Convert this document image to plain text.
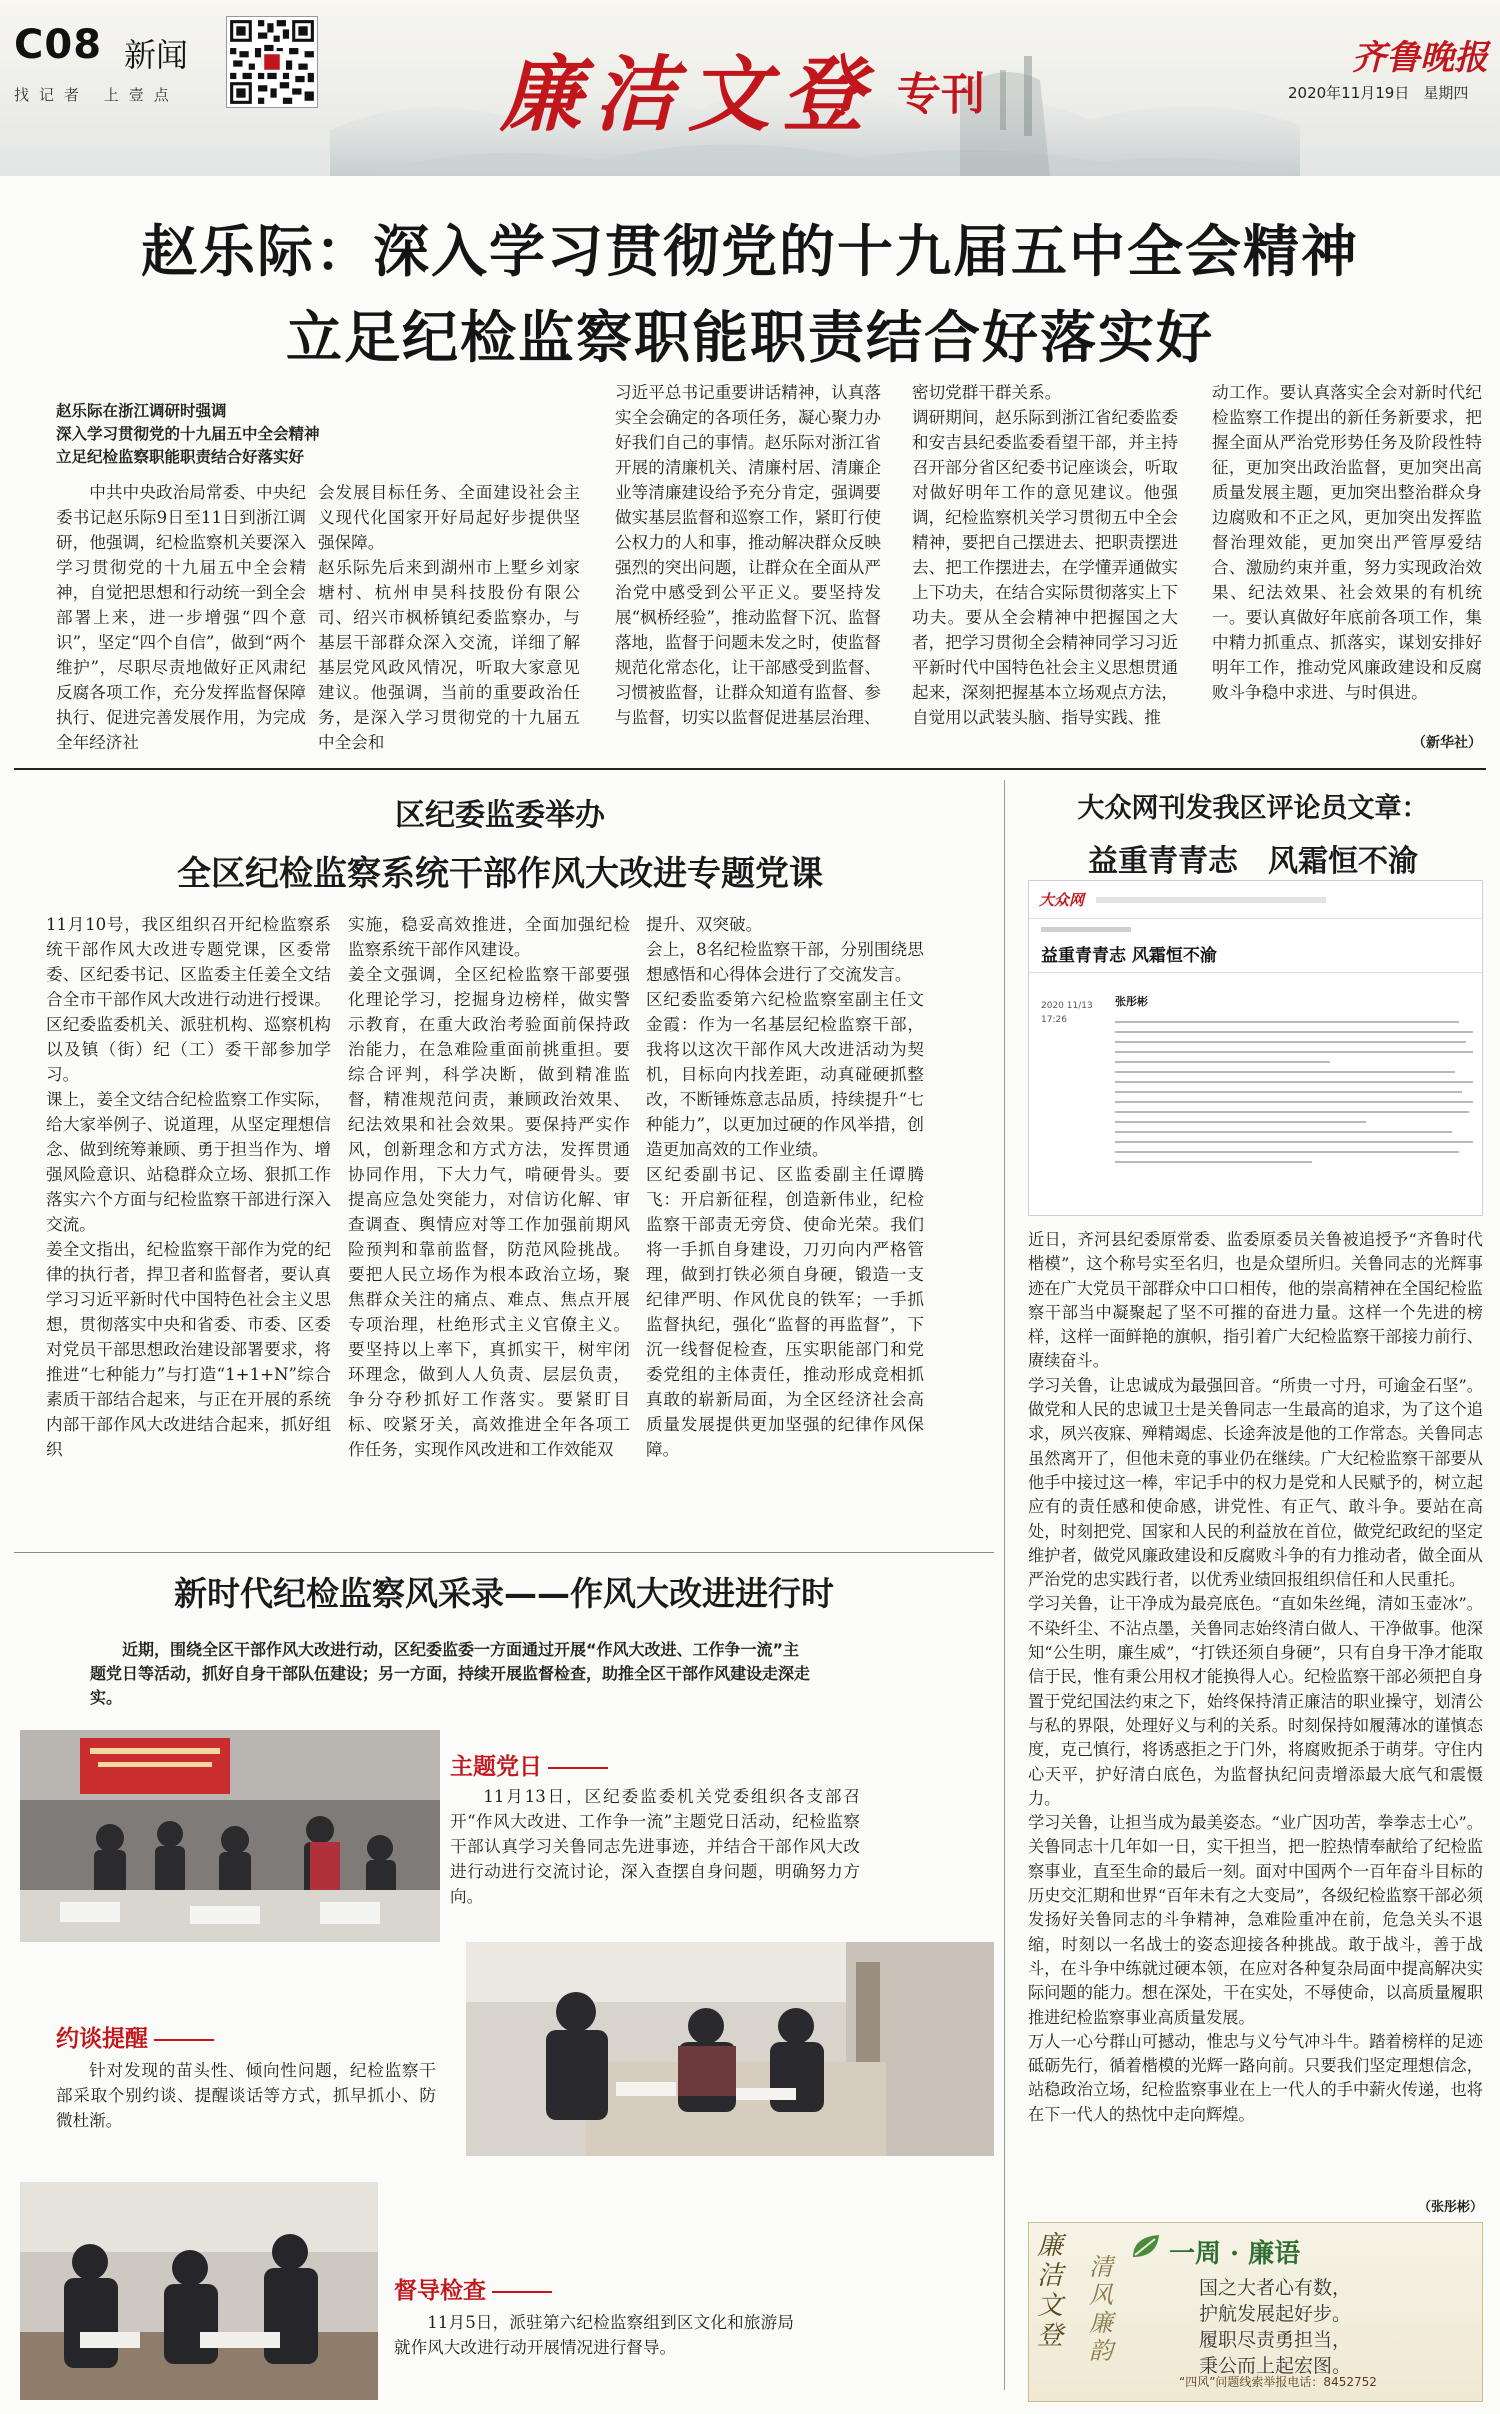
C08 新闻
找记者 上壹点	廉洁文登 专刊
齐鲁晚报
2020年11月19日 星期四
赵乐际：深入学习贯彻党的十九届五中全会精神
立足纪检监察职能职责结合好落实好
赵乐际在浙江调研时强调
深入学习贯彻党的十九届五中全会精神
立足纪检监察职能职责结合好落实好
中共中央政治局常委、中央纪委书记赵乐际9日至11日到浙江调研，他强调，纪检监察机关要深入学习贯彻党的十九届五中全会精神，自觉把思想和行动统一到全会部署上来，进一步增强“四个意识”，坚定“四个自信”，做到“两个维护”，尽职尽责地做好正风肃纪反腐各项工作，充分发挥监督保障执行、促进完善发展作用，为完成全年经济社
会发展目标任务、全面建设社会主义现代化国家开好局起好步提供坚强保障。
赵乐际先后来到湖州市上墅乡刘家塘村、杭州申昊科技股份有限公司、绍兴市枫桥镇纪委监察办，与基层干部群众深入交流，详细了解基层党风政风情况，听取大家意见建议。他强调，当前的重要政治任务，是深入学习贯彻党的十九届五中全会和
习近平总书记重要讲话精神，认真落实全会确定的各项任务，凝心聚力办好我们自己的事情。赵乐际对浙江省开展的清廉机关、清廉村居、清廉企业等清廉建设给予充分肯定，强调要做实基层监督和巡察工作，紧盯行使公权力的人和事，推动解决群众反映强烈的突出问题，让群众在全面从严治党中感受到公平正义。要坚持发展“枫桥经验”，推动监督下沉、监督落地，监督于问题未发之时，使监督规范化常态化，让干部感受到监督、习惯被监督，让群众知道有监督、参与监督，切实以监督促进基层治理、
密切党群干群关系。
调研期间，赵乐际到浙江省纪委监委和安吉县纪委监委看望干部，并主持召开部分省区纪委书记座谈会，听取对做好明年工作的意见建议。他强调，纪检监察机关学习贯彻五中全会精神，要把自己摆进去、把职责摆进去、把工作摆进去，在学懂弄通做实上下功夫，在结合实际贯彻落实上下功夫。要从全会精神中把握国之大者，把学习贯彻全会精神同学习习近平新时代中国特色社会主义思想贯通起来，深刻把握基本立场观点方法，自觉用以武装头脑、指导实践、推
动工作。要认真落实全会对新时代纪检监察工作提出的新任务新要求，把握全面从严治党形势任务及阶段性特征，更加突出政治监督，更加突出高质量发展主题，更加突出整治群众身边腐败和不正之风，更加突出发挥监督治理效能，更加突出严管厚爱结合、激励约束并重，努力实现政治效果、纪法效果、社会效果的有机统一。要认真做好年底前各项工作，集中精力抓重点、抓落实，谋划安排好明年工作，推动党风廉政建设和反腐败斗争稳中求进、与时俱进。
（新华社）
区纪委监委举办
全区纪检监察系统干部作风大改进专题党课
11月10号，我区组织召开纪检监察系统干部作风大改进专题党课，区委常委、区纪委书记、区监委主任姜全文结合全市干部作风大改进行动进行授课。区纪委监委机关、派驻机构、巡察机构以及镇（街）纪（工）委干部参加学习。
课上，姜全文结合纪检监察工作实际，给大家举例子、说道理，从坚定理想信念、做到统筹兼顾、勇于担当作为、增强风险意识、站稳群众立场、狠抓工作落实六个方面与纪检监察干部进行深入交流。
姜全文指出，纪检监察干部作为党的纪律的执行者，捍卫者和监督者，要认真学习习近平新时代中国特色社会主义思想，贯彻落实中央和省委、市委、区委对党员干部思想政治建设部署要求，将推进“七种能力”与打造“1+1+N”综合素质干部结合起来，与正在开展的系统内部干部作风大改进结合起来，抓好组织
实施，稳妥高效推进，全面加强纪检监察系统干部作风建设。
姜全文强调，全区纪检监察干部要强化理论学习，挖掘身边榜样，做实警示教育，在重大政治考验面前保持政治能力，在急难险重面前挑重担。要综合评判，科学决断，做到精准监督，精准规范问责，兼顾政治效果、纪法效果和社会效果。要保持严实作风，创新理念和方式方法，发挥贯通协同作用，下大力气，啃硬骨头。要提高应急处突能力，对信访化解、审查调查、舆情应对等工作加强前期风险预判和靠前监督，防范风险挑战。要把人民立场作为根本政治立场，聚焦群众关注的痛点、难点、焦点开展专项治理，杜绝形式主义官僚主义。要坚持以上率下，真抓实干，树牢闭环理念，做到人人负责、层层负责，争分夺秒抓好工作落实。要紧盯目标、咬紧牙关，高效推进全年各项工作任务，实现作风改进和工作效能双
提升、双突破。
会上，8名纪检监察干部，分别围绕思想感悟和心得体会进行了交流发言。
区纪委监委第六纪检监察室副主任文金霞：作为一名基层纪检监察干部，我将以这次干部作风大改进活动为契机，目标向内找差距，动真碰硬抓整改，不断锤炼意志品质，持续提升“七种能力”，以更加过硬的作风举措，创造更加高效的工作业绩。
区纪委副书记、区监委副主任谭腾飞：开启新征程，创造新伟业，纪检监察干部责无旁贷、使命光荣。我们将一手抓自身建设，刀刃向内严格管理，做到打铁必须自身硬，锻造一支纪律严明、作风优良的铁军；一手抓监督执纪，强化“监督的再监督”，下沉一线督促检查，压实职能部门和党委党组的主体责任，推动形成竞相抓真敢的崭新局面，为全区经济社会高质量发展提供更加坚强的纪律作风保障。
新时代纪检监察风采录——作风大改进进行时
近期，围绕全区干部作风大改进行动，区纪委监委一方面通过开展“作风大改进、工作争一流”主题党日等活动，抓好自身干部队伍建设；另一方面，持续开展监督检查，助推全区干部作风建设走深走实。
主题党日
11月13日，区纪委监委机关党委组织各支部召开“作风大改进、工作争一流”主题党日活动，纪检监察干部认真学习关鲁同志先进事迹，并结合干部作风大改进行动进行交流讨论，深入查摆自身问题，明确努力方向。
约谈提醒
针对发现的苗头性、倾向性问题，纪检监察干部采取个别约谈、提醒谈话等方式，抓早抓小、防微杜渐。
督导检查
11月5日，派驻第六纪检监察组到区文化和旅游局就作风大改进行动开展情况进行督导。
大众网刊发我区评论员文章：
益重青青志　风霜恒不渝
大众网
益重青青志 风霜恒不渝
2020 11/13 17:26
张彤彬
近日，齐河县纪委原常委、监委原委员关鲁被追授予“齐鲁时代楷模”，这个称号实至名归，也是众望所归。关鲁同志的光辉事迹在广大党员干部群众中口口相传，他的崇高精神在全国纪检监察干部当中凝聚起了坚不可摧的奋进力量。这样一个先进的榜样，这样一面鲜艳的旗帜，指引着广大纪检监察干部接力前行、赓续奋斗。
学习关鲁，让忠诚成为最强回音。“所贵一寸丹，可逾金石坚”。做党和人民的忠诚卫士是关鲁同志一生最高的追求，为了这个追求，夙兴夜寐、殚精竭虑、长途奔波是他的工作常态。关鲁同志虽然离开了，但他未竟的事业仍在继续。广大纪检监察干部要从他手中接过这一棒，牢记手中的权力是党和人民赋予的，树立起应有的责任感和使命感，讲党性、有正气、敢斗争。要站在高处，时刻把党、国家和人民的利益放在首位，做党纪政纪的坚定维护者，做党风廉政建设和反腐败斗争的有力推动者，做全面从严治党的忠实践行者，以优秀业绩回报组织信任和人民重托。
学习关鲁，让干净成为最亮底色。“直如朱丝绳，清如玉壶冰”。不染纤尘、不沾点墨，关鲁同志始终清白做人、干净做事。他深知“公生明，廉生威”，“打铁还须自身硬”，只有自身干净才能取信于民，惟有秉公用权才能换得人心。纪检监察干部必须把自身置于党纪国法约束之下，始终保持清正廉洁的职业操守，划清公与私的界限，处理好义与利的关系。时刻保持如履薄冰的谨慎态度，克己慎行，将诱惑拒之于门外，将腐败扼杀于萌芽。守住内心天平，护好清白底色，为监督执纪问责增添最大底气和震慑力。
学习关鲁，让担当成为最美姿态。“业广因功苦，拳拳志士心”。关鲁同志十几年如一日，实干担当，把一腔热情奉献给了纪检监察事业，直至生命的最后一刻。面对中国两个一百年奋斗目标的历史交汇期和世界“百年未有之大变局”，各级纪检监察干部必须发扬好关鲁同志的斗争精神，急难险重冲在前，危急关头不退缩，时刻以一名战士的姿态迎接各种挑战。敢于战斗，善于战斗，在斗争中练就过硬本领，在应对各种复杂局面中提高解决实际问题的能力。想在深处，干在实处，不辱使命，以高质量履职推进纪检监察事业高质量发展。
万人一心兮群山可撼动，惟忠与义兮气冲斗牛。踏着榜样的足迹砥砺先行，循着楷模的光辉一路向前。只要我们坚定理想信念，站稳政治立场，纪检监察事业在上一代人的手中薪火传递，也将在下一代人的热忱中走向辉煌。
（张彤彬）
廉洁文登
清风廉韵
一周 · 廉语
国之大者心有数，
护航发展起好步。
履职尽责勇担当，
秉公而上起宏图。
“四风”问题线索举报电话：8452752
